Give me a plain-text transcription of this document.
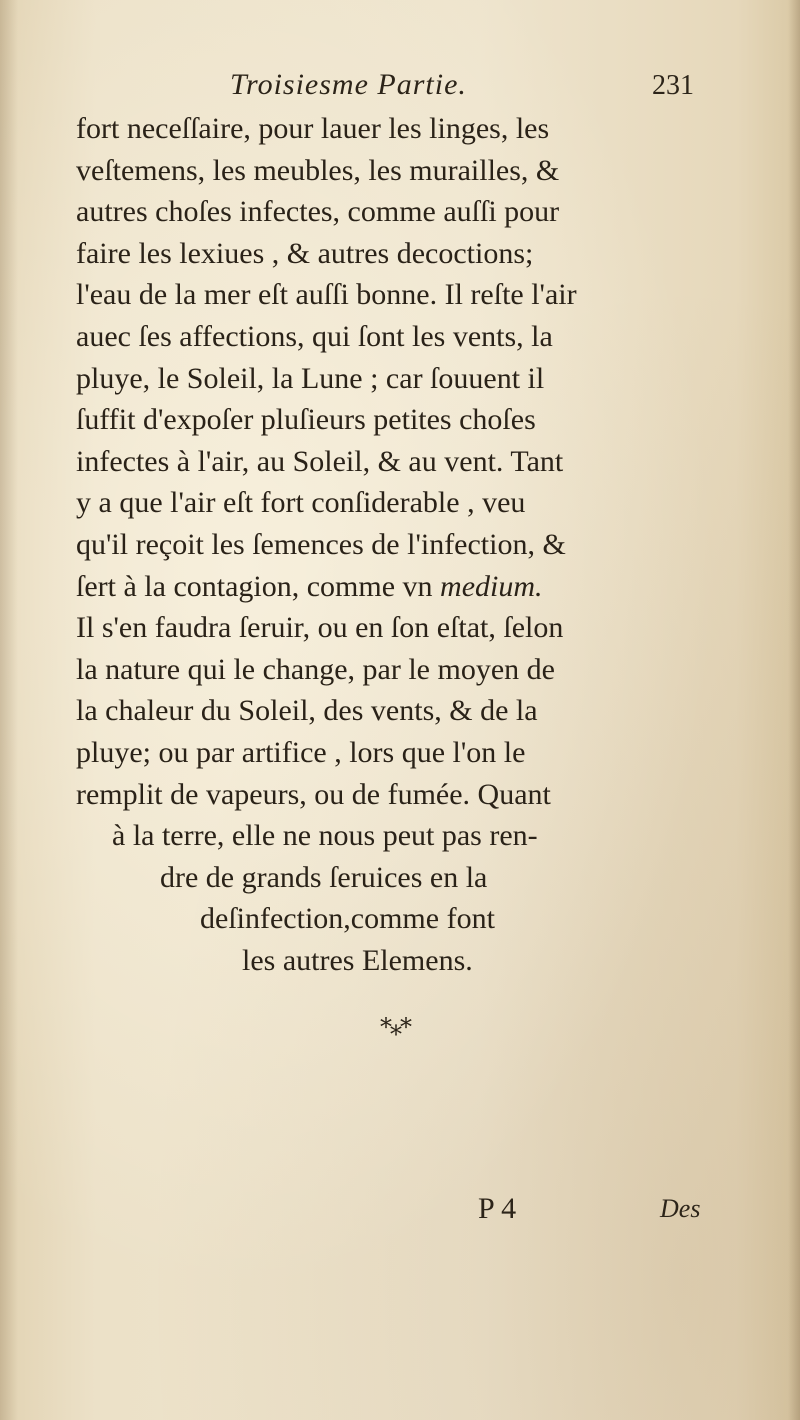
Troisiesme Partie.	231
fort neceſſaire, pour lauer les linges, les
veſtemens, les meubles, les murailles, &
autres choſes infectes, comme auſſi pour
faire les lexiues , & autres decoctions;
l'eau de la mer eſt auſſi bonne. Il reſte l'air
auec ſes affections, qui ſont les vents, la
pluye, le Soleil, la Lune ; car ſouuent il
ſuffit d'expoſer pluſieurs petites choſes
infectes à l'air, au Soleil, & au vent. Tant
y a que l'air eſt fort conſiderable , veu
qu'il reçoit les ſemences de l'infection, &
ſert à la contagion, comme vn medium.
Il s'en faudra ſeruir, ou en ſon eſtat, ſelon
la nature qui le change, par le moyen de
la chaleur du Soleil, des vents, & de la
pluye; ou par artifice , lors que l'on le
remplit de vapeurs, ou de fumée. Quant
à la terre, elle ne nous peut pas ren-
dre de grands ſeruices en la
deſinfection,comme font
les autres Elemens.
*⁎*
P 4	Des
